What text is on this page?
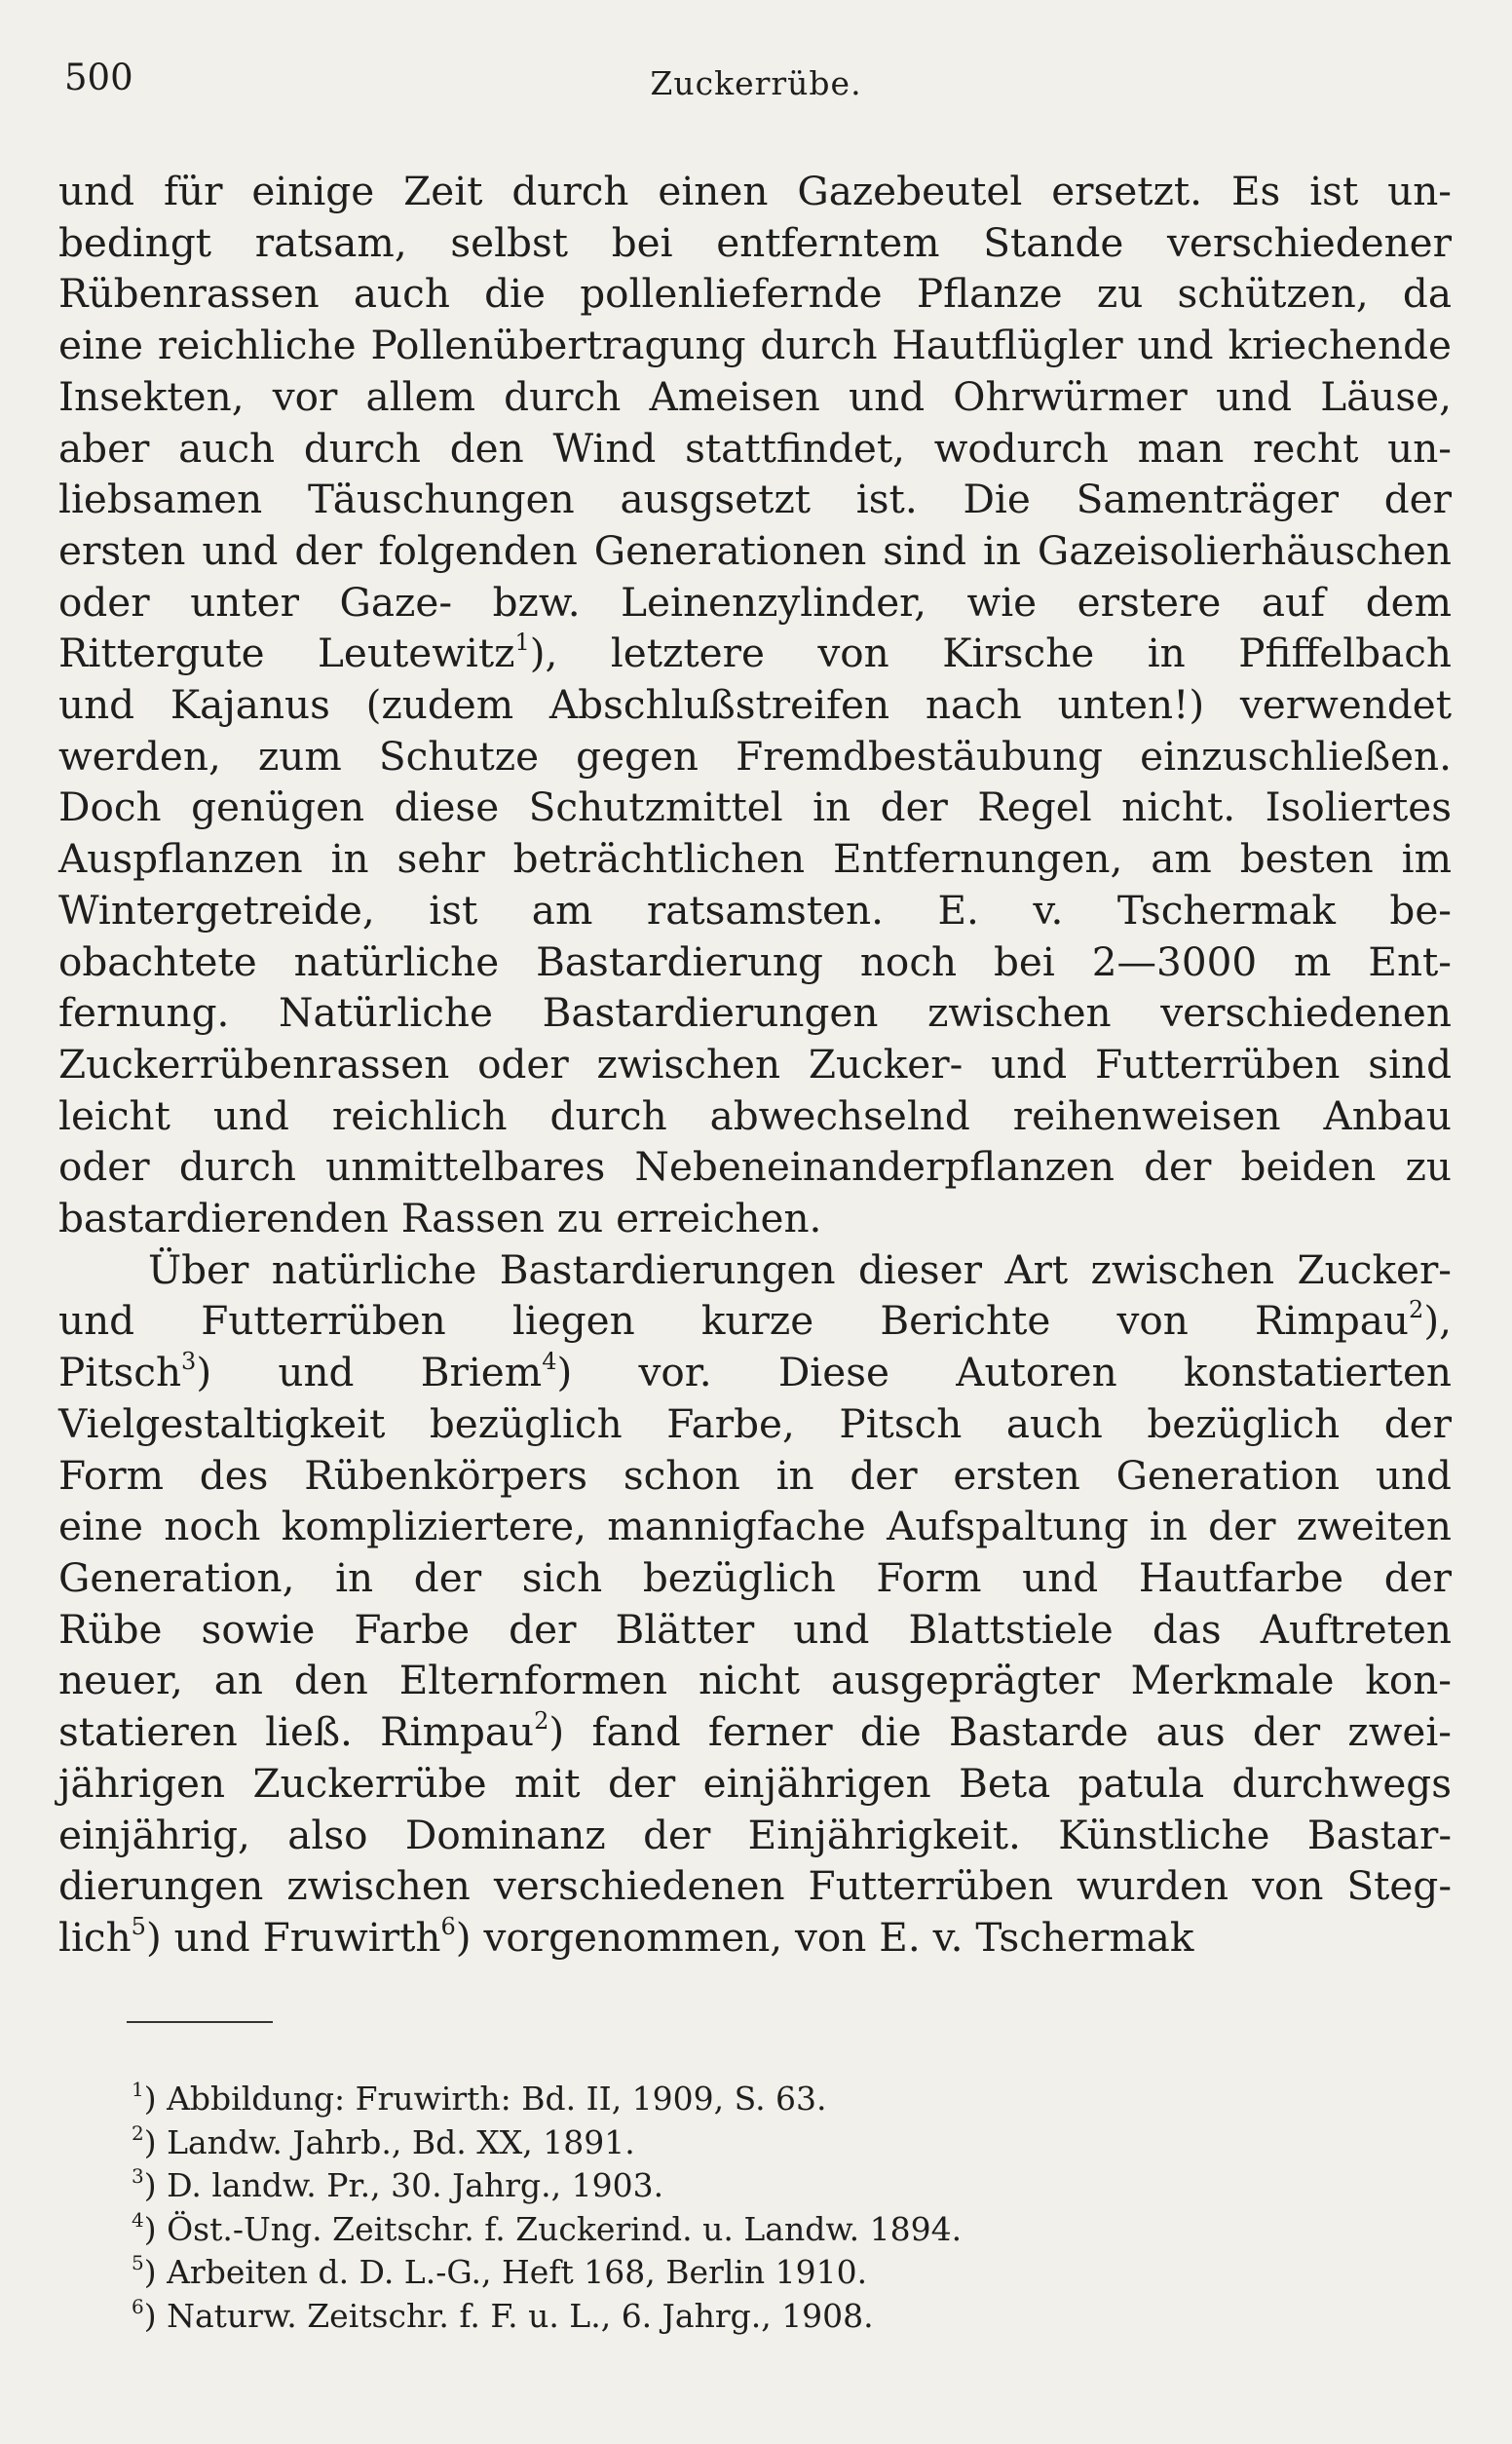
500	Zuckerrübe.
und für einige Zeit durch einen Gazebeutel ersetzt. Es ist un-
bedingt ratsam, selbst bei entferntem Stande verschiedener
Rübenrassen auch die pollenliefernde Pflanze zu schützen, da
eine reichliche Pollenübertragung durch Hautflügler und kriechende
Insekten, vor allem durch Ameisen und Ohrwürmer und Läuse,
aber auch durch den Wind stattfindet, wodurch man recht un-
liebsamen Täuschungen ausgsetzt ist. Die Samenträger der
ersten und der folgenden Generationen sind in Gazeisolierhäuschen
oder unter Gaze- bzw. Leinenzylinder, wie erstere auf dem
Rittergute Leutewitz$^1$), letztere von Kirsche in Pfiffelbach
und Kajanus (zudem Abschlußstreifen nach unten!) verwendet
werden, zum Schutze gegen Fremdbestäubung einzuschließen.
Doch genügen diese Schutzmittel in der Regel nicht. Isoliertes
Auspflanzen in sehr beträchtlichen Entfernungen, am besten im
Wintergetreide, ist am ratsamsten. E. v. Tschermak be-
obachtete natürliche Bastardierung noch bei 2—3000 m Ent-
fernung. Natürliche Bastardierungen zwischen verschiedenen
Zuckerrübenrassen oder zwischen Zucker- und Futterrüben sind
leicht und reichlich durch abwechselnd reihenweisen Anbau
oder durch unmittelbares Nebeneinanderpflanzen der beiden zu
bastardierenden Rassen zu erreichen.
Über natürliche Bastardierungen dieser Art zwischen Zucker-
und Futterrüben liegen kurze Berichte von Rimpau$^2$),
Pitsch$^3$) und Briem$^4$) vor. Diese Autoren konstatierten
Vielgestaltigkeit bezüglich Farbe, Pitsch auch bezüglich der
Form des Rübenkörpers schon in der ersten Generation und
eine noch kompliziertere, mannigfache Aufspaltung in der zweiten
Generation, in der sich bezüglich Form und Hautfarbe der
Rübe sowie Farbe der Blätter und Blattstiele das Auftreten
neuer, an den Elternformen nicht ausgeprägter Merkmale kon-
statieren ließ. Rimpau$^2$) fand ferner die Bastarde aus der zwei-
jährigen Zuckerrübe mit der einjährigen Beta patula durchwegs
einjährig, also Dominanz der Einjährigkeit. Künstliche Bastar-
dierungen zwischen verschiedenen Futterrüben wurden von Steg-
lich$^5$) und Fruwirth$^6$) vorgenommen, von E. v. Tschermak
$^1$) Abbildung: Fruwirth: Bd. II, 1909, S. 63.
$^2$) Landw. Jahrb., Bd. XX, 1891.
$^3$) D. landw. Pr., 30. Jahrg., 1903.
$^4$) Öst.-Ung. Zeitschr. f. Zuckerind. u. Landw. 1894.
$^5$) Arbeiten d. D. L.-G., Heft 168, Berlin 1910.
$^6$) Naturw. Zeitschr. f. F. u. L., 6. Jahrg., 1908.
